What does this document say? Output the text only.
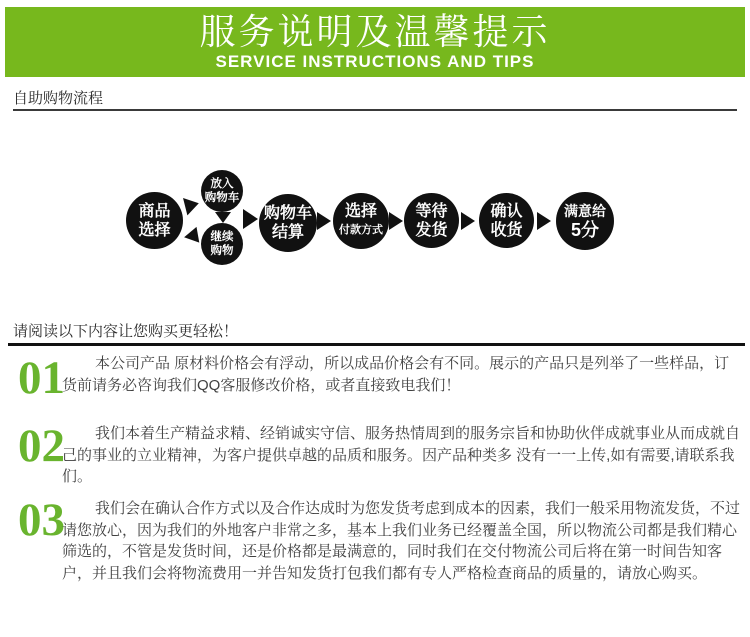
服务说明及温馨提示
SERVICE INSTRUCTIONS AND TIPS
自助购物流程
商品
选择
放入
购物车
继续
购物
购物车
结算
选择
付款方式
等待
发货
确认
收货
满意给
5分
请阅读以下内容让您购买更轻松！
01	本公司产品 原材料价格会有浮动，所以成品价格会有不同。展示的产品只是列举了一些样品，订货前请务必咨询我们QQ客服修改价格，或者直接致电我们！

02	我们本着生产精益求精、经销诚实守信、服务热情周到的服务宗旨和协助伙伴成就事业从而成就自己的事业的立业精神，为客户提供卓越的品质和服务。因产品种类多 没有一一上传,如有需要,请联系我们。

03	我们会在确认合作方式以及合作达成时为您发货考虑到成本的因素，我们一般采用物流发货，不过请您放心，因为我们的外地客户非常之多，基本上我们业务已经覆盖全国，所以物流公司都是我们精心筛选的，不管是发货时间，还是价格都是最满意的，同时我们在交付物流公司后将在第一时间告知客户，并且我们会将物流费用一并告知发货打包我们都有专人严格检查商品的质量的，请放心购买。
